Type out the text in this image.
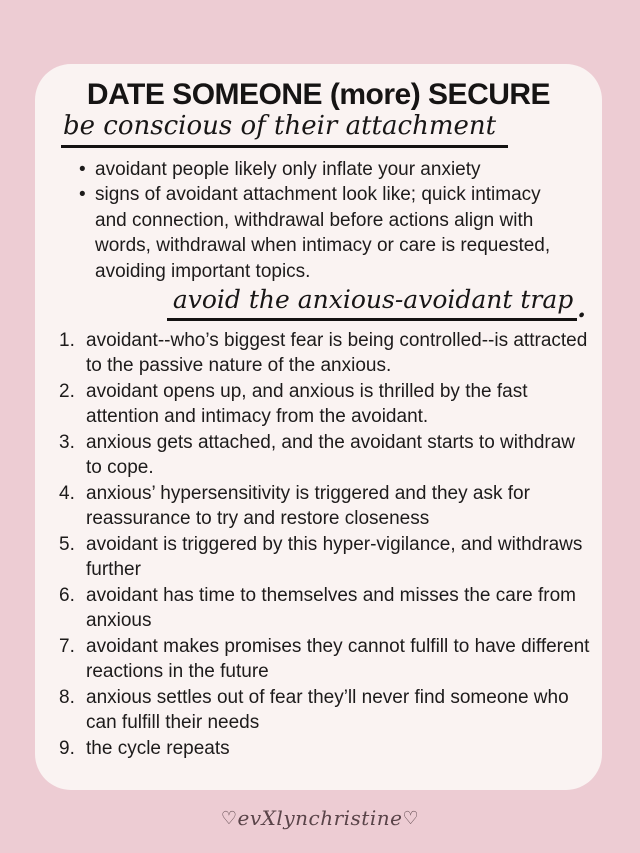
DATE SOMEONE (more) SECURE
be conscious of their attachment
• avoidant people likely only inflate your anxiety
• signs of avoidant attachment look like; quick intimacy and connection, withdrawal before actions align with words, withdrawal when intimacy or care is requested, avoiding important topics.
avoid the anxious-avoidant trap .
1. avoidant--who’s biggest fear is being controlled--is attracted to the passive nature of the anxious.
2. avoidant opens up, and anxious is thrilled by the fast attention and intimacy from the avoidant.
3. anxious gets attached, and the avoidant starts to withdraw to cope.
4. anxious’ hypersensitivity is triggered and they ask for reassurance to try and restore closeness
5. avoidant is triggered by this hyper-vigilance, and withdraws further
6. avoidant has time to themselves and misses the care from anxious
7. avoidant makes promises they cannot fulfill to have different reactions in the future
8. anxious settles out of fear they’ll never find someone who can fulfill their needs
9. the cycle repeats
♡evXlynchristine♡
